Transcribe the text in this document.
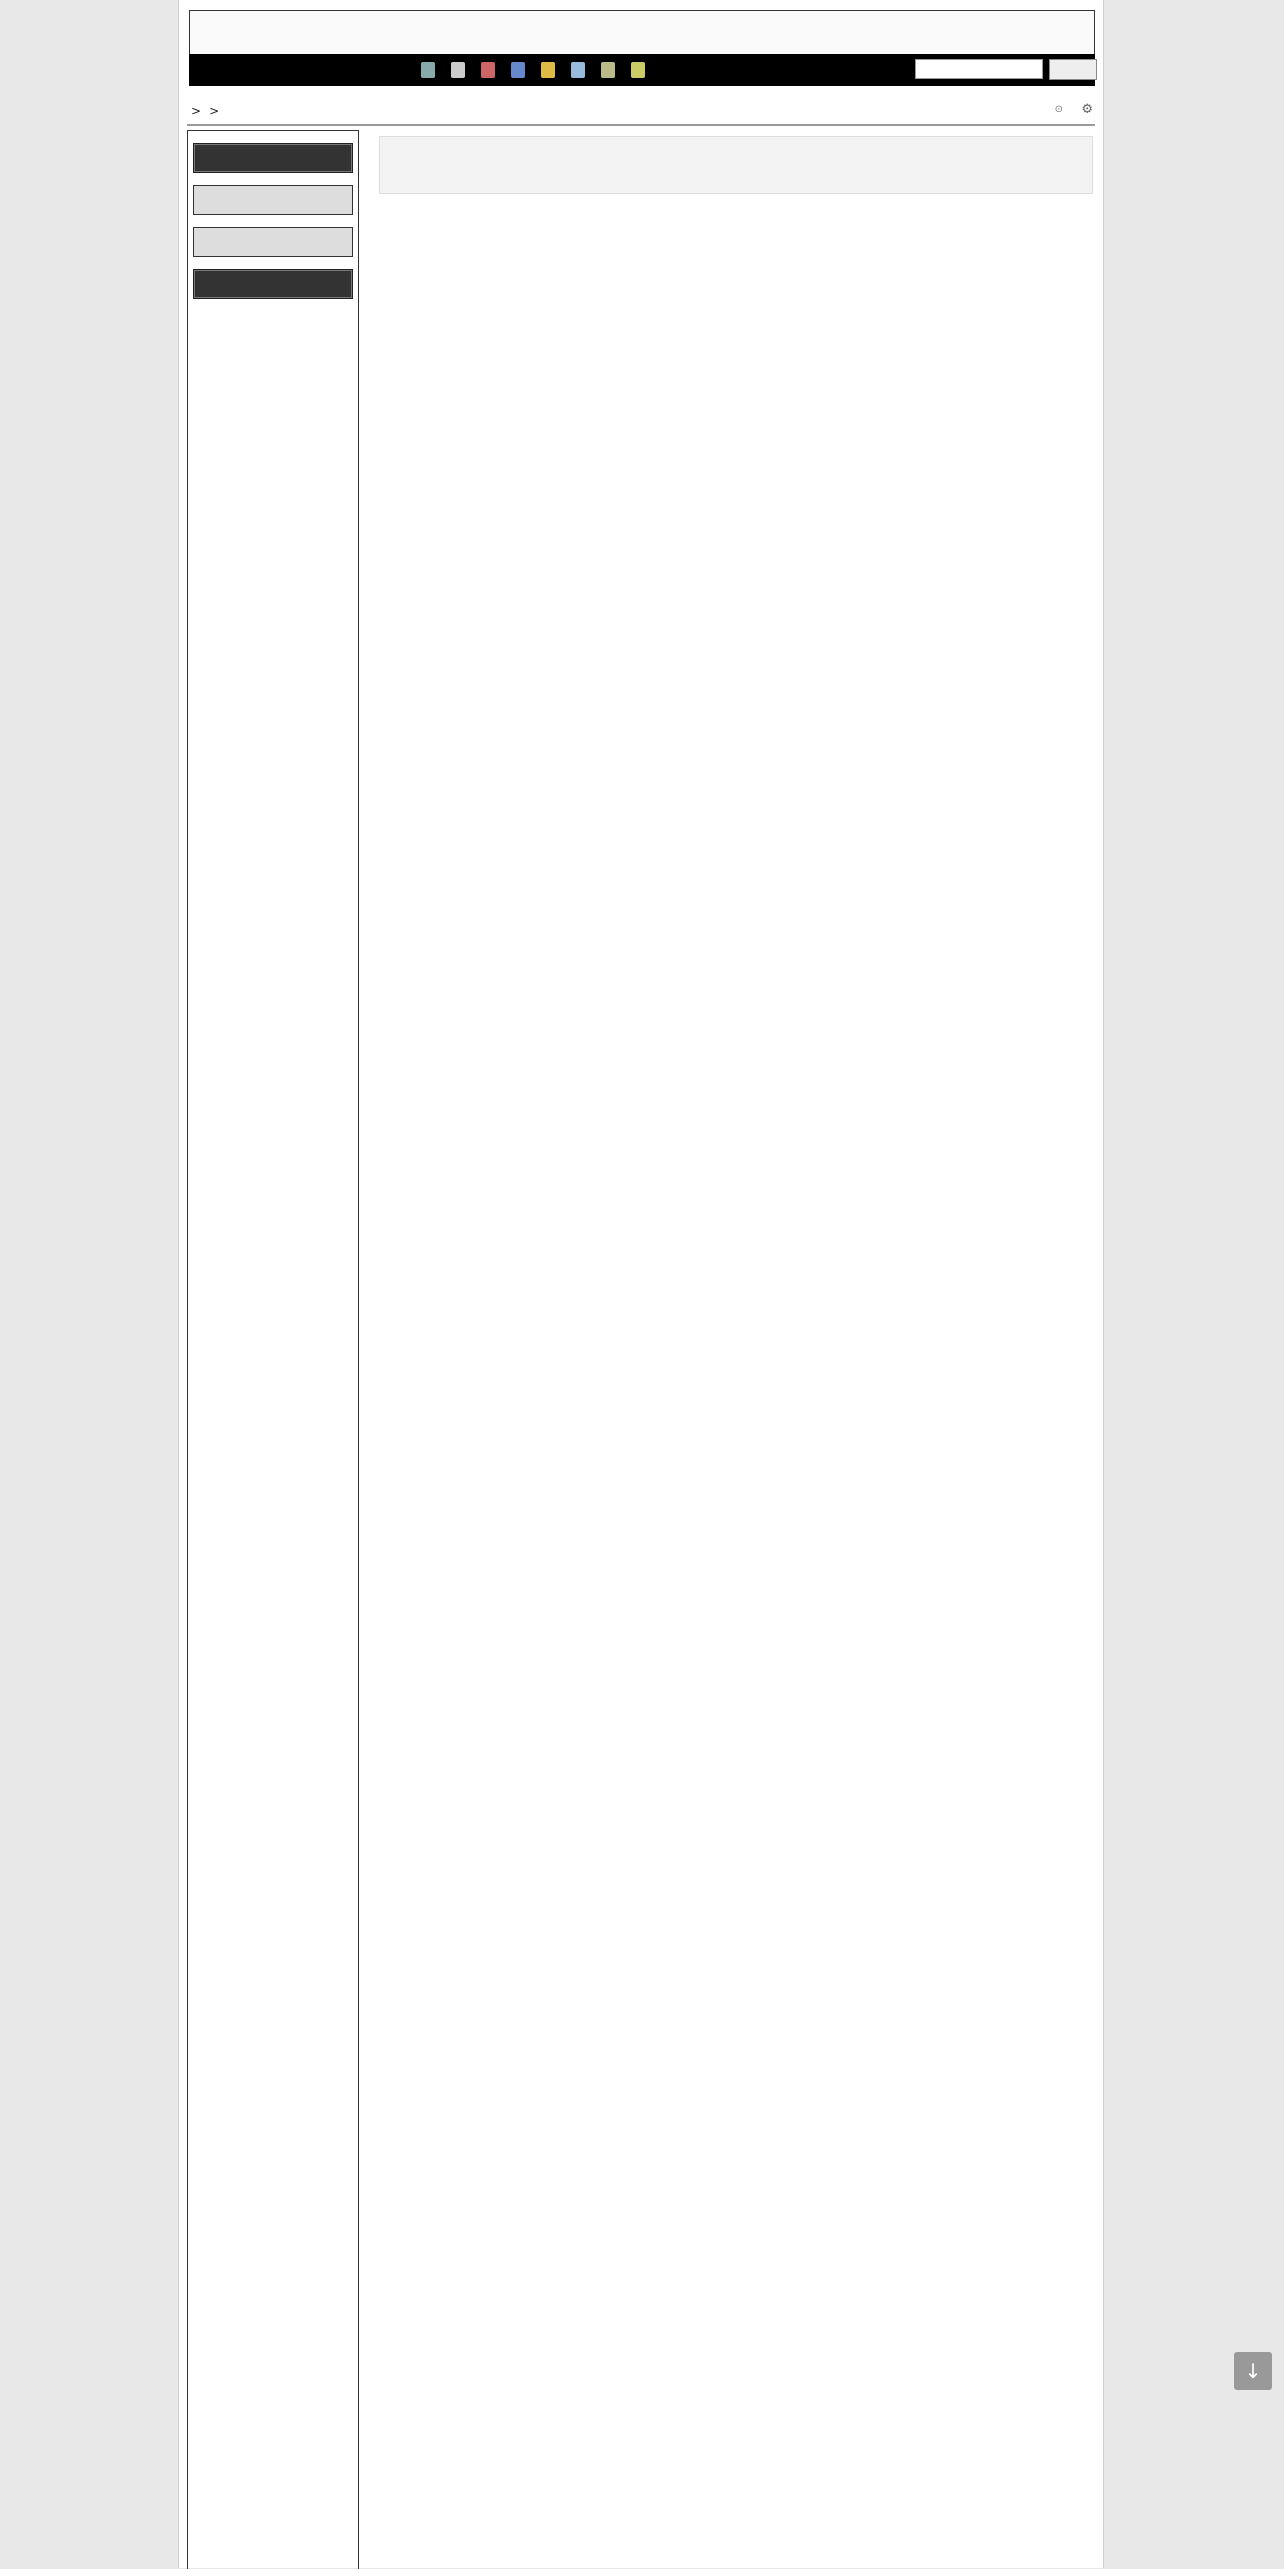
> >	⊙ ⚙

↓
